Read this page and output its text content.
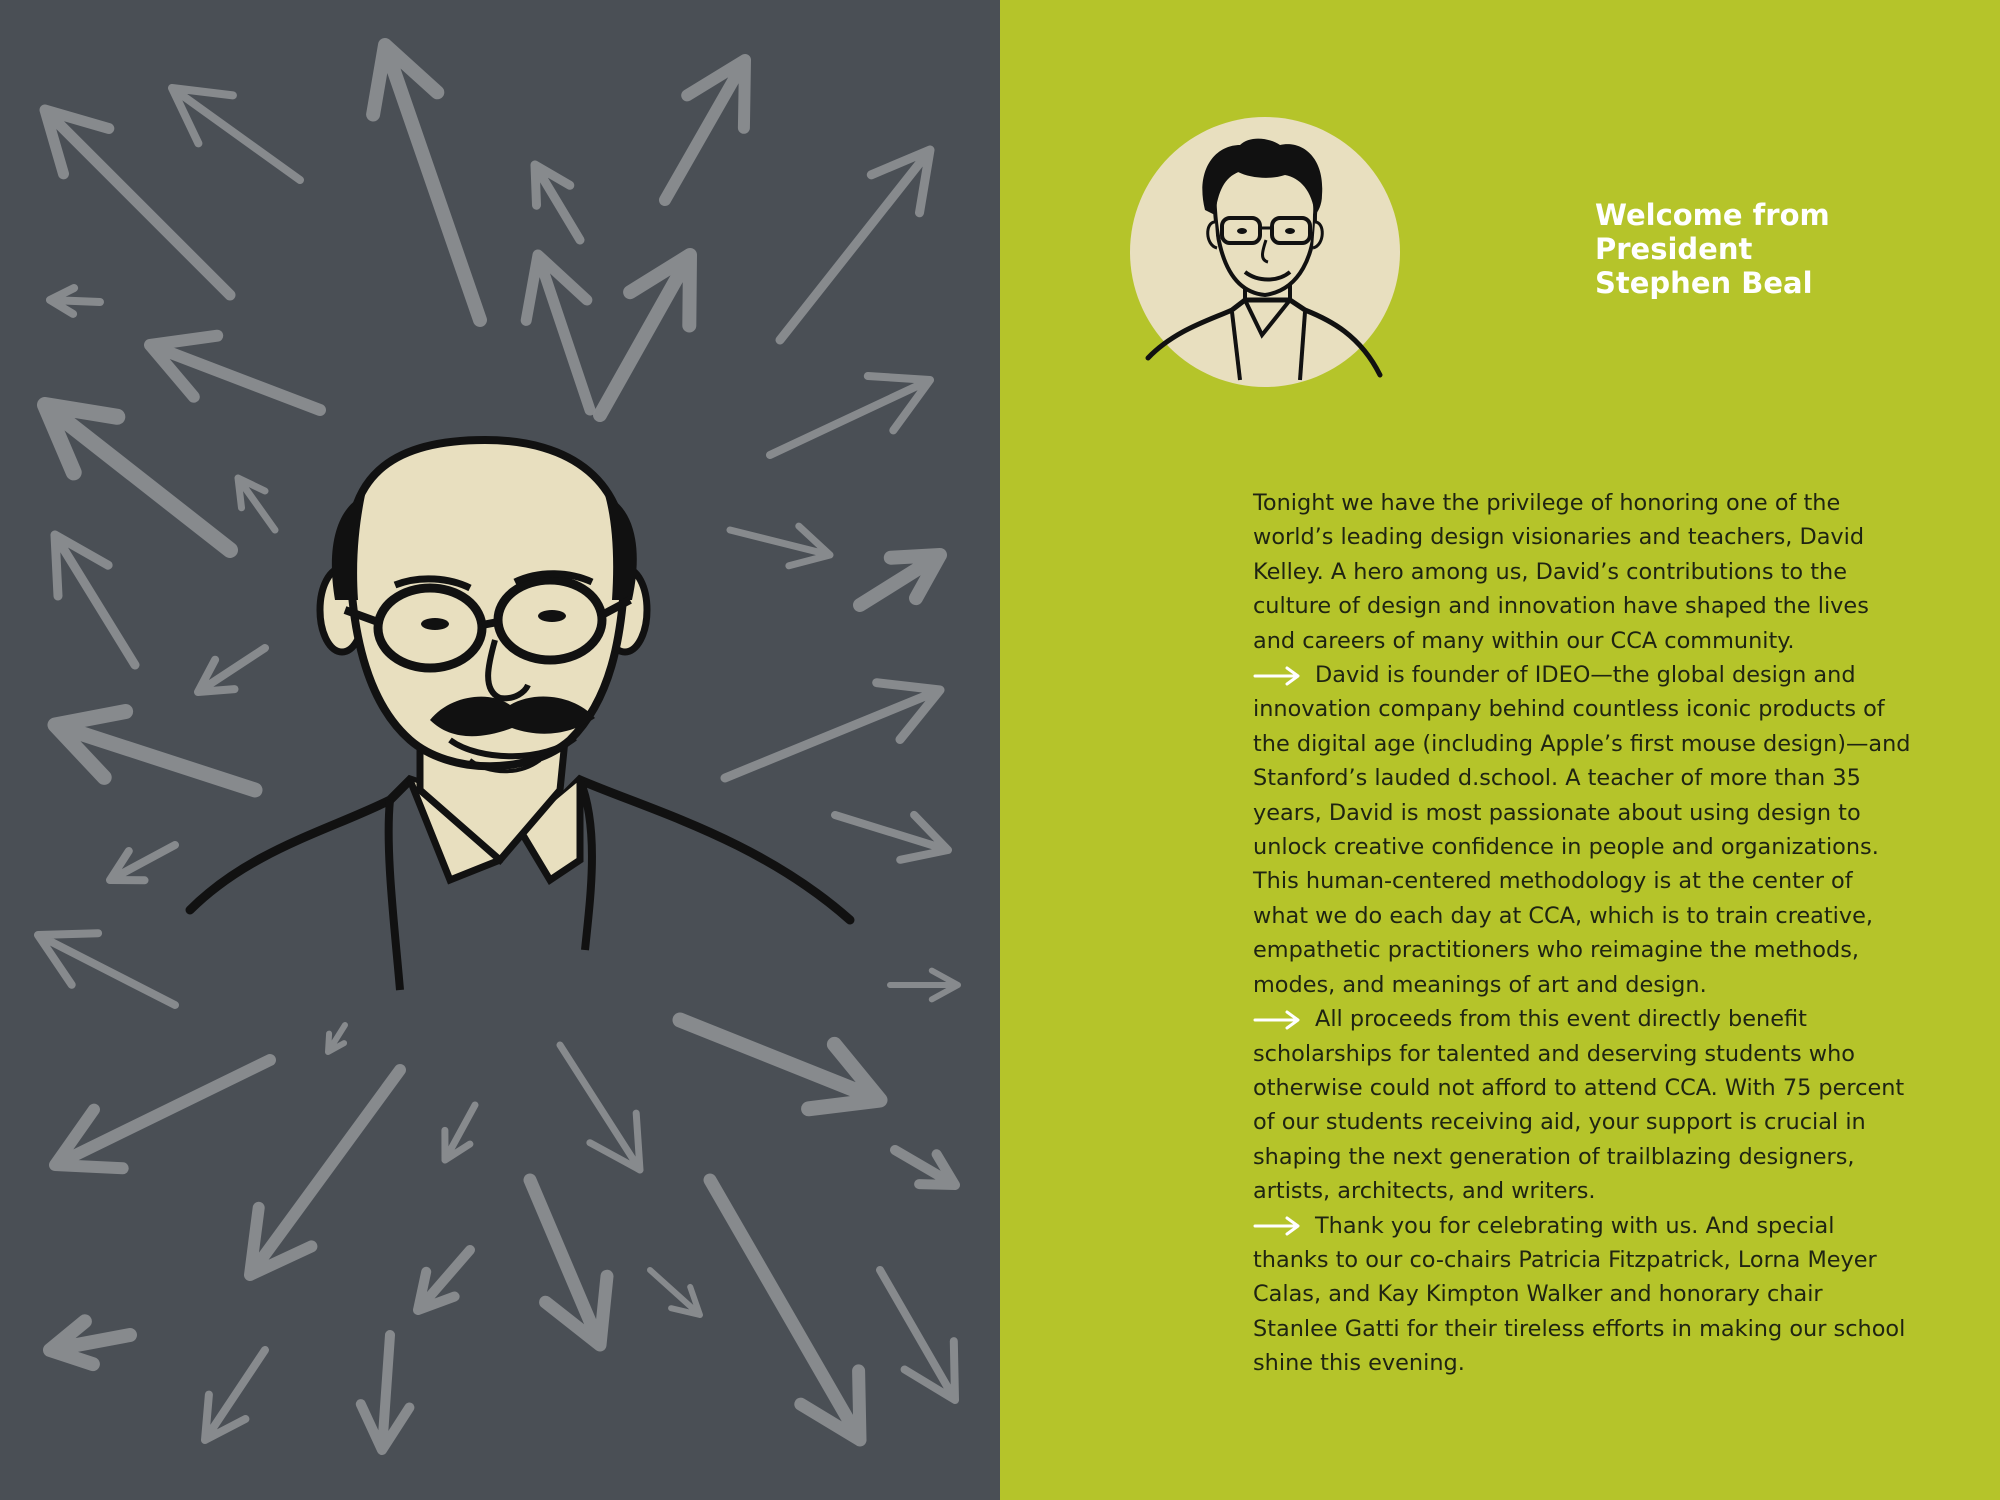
Welcome from
President
Stephen Beal

Tonight we have the privilege of honoring one of the world’s leading design visionaries and teachers, David Kelley. A hero among us, David’s contributions to the culture of design and innovation have shaped the lives and careers of many within our CCA community.

David is founder of IDEO—the global design and innovation company behind countless iconic products of the digital age (including Apple’s first mouse design)—and Stanford’s lauded d.school. A teacher of more than 35 years, David is most passionate about using design to unlock creative confidence in people and organizations. This human-centered methodology is at the center of what we do each day at CCA, which is to train creative, empathetic practitioners who reimagine the methods, modes, and meanings of art and design.

All proceeds from this event directly benefit scholarships for talented and deserving students who otherwise could not afford to attend CCA. With 75 percent of our students receiving aid, your support is crucial in shaping the next generation of trailblazing designers, artists, architects, and writers.

Thank you for celebrating with us. And special thanks to our co-chairs Patricia Fitzpatrick, Lorna Meyer Calas, and Kay Kimpton Walker and honorary chair Stanlee Gatti for their tireless efforts in making our school shine this evening.
